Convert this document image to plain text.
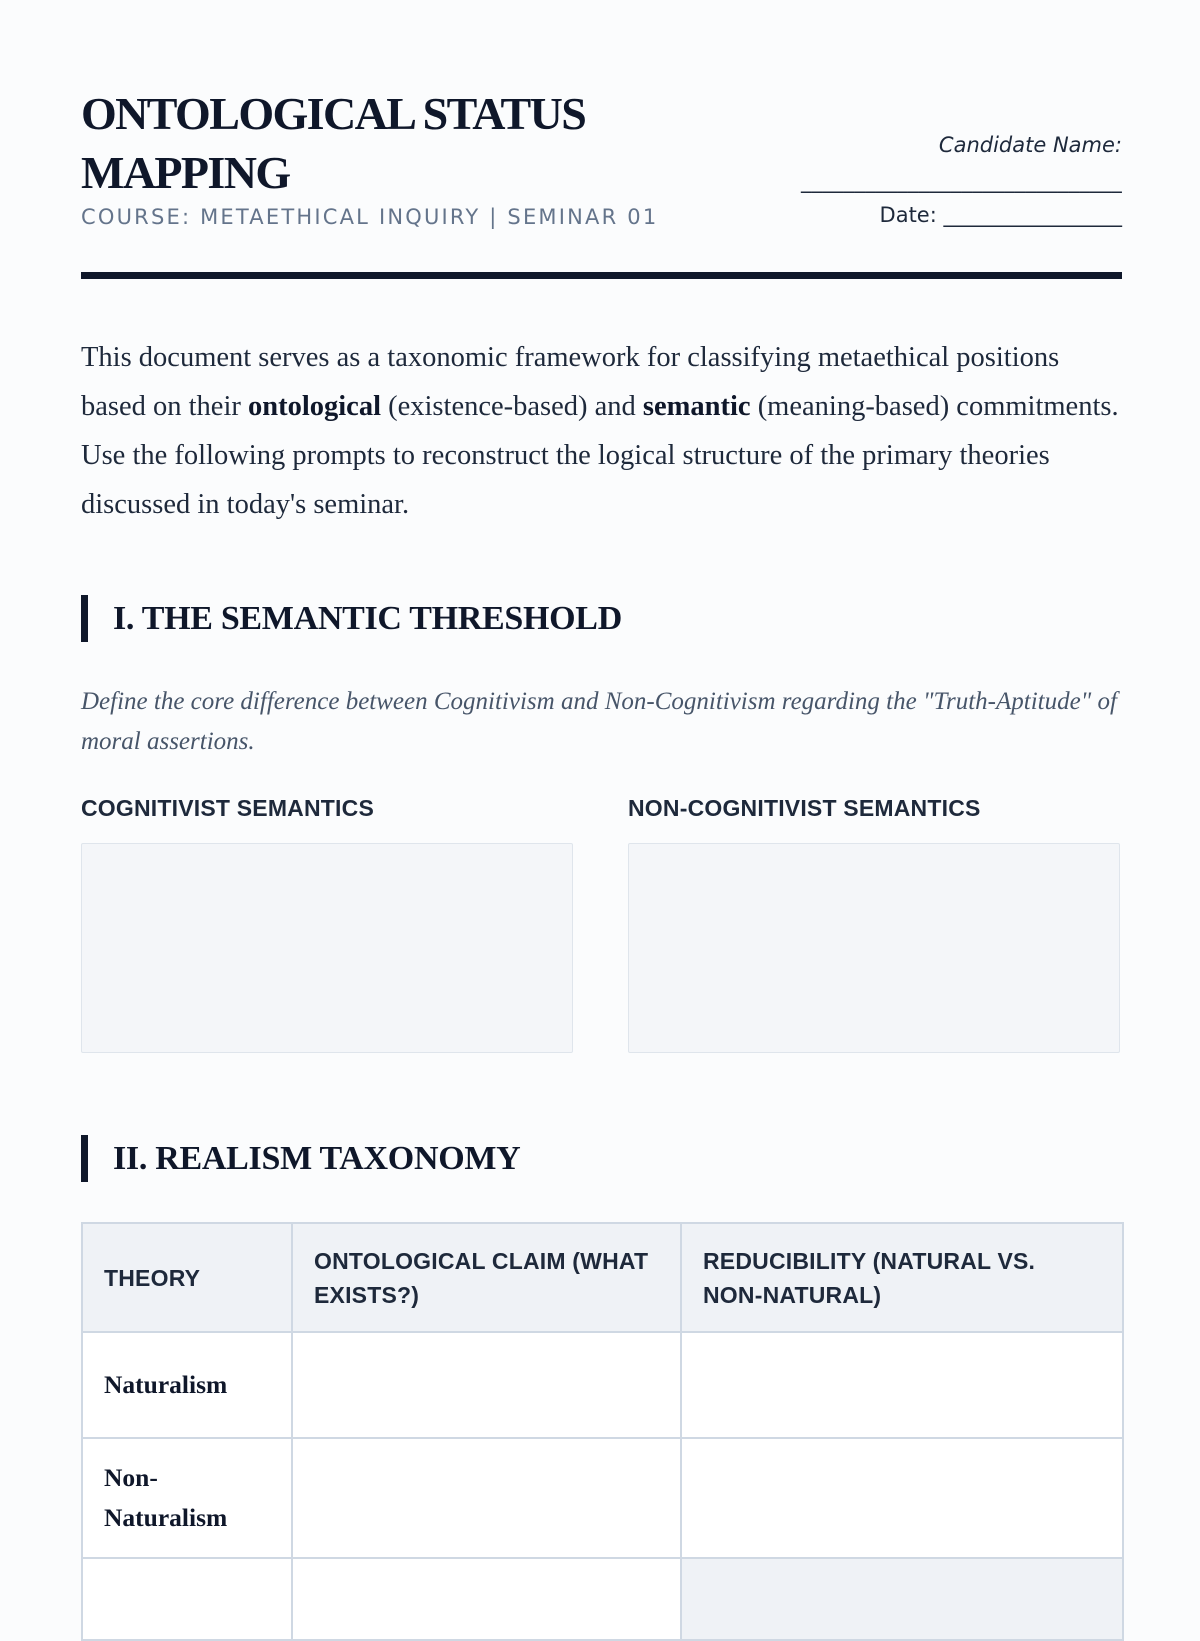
ONTOLOGICAL STATUS MAPPING
COURSE: METAETHICAL INQUIRY | SEMINAR 01
Candidate Name:
______________________________
Date: _________________

This document serves as a taxonomic framework for classifying metaethical positions based on their ontological (existence-based) and semantic (meaning-based) commitments. Use the following prompts to reconstruct the logical structure of the primary theories discussed in today's seminar.

I. THE SEMANTIC THRESHOLD

Define the core difference between Cognitivism and Non-Cognitivism regarding the "Truth-Aptitude" of moral assertions.

COGNITIVIST SEMANTICS	NON-COGNITIVIST SEMANTICS
II. REALISM TAXONOMY
THEORY	ONTOLOGICAL CLAIM (WHAT EXISTS?)	REDUCIBILITY (NATURAL VS. NON-NATURAL)
Naturalism		
Non-Naturalism		
